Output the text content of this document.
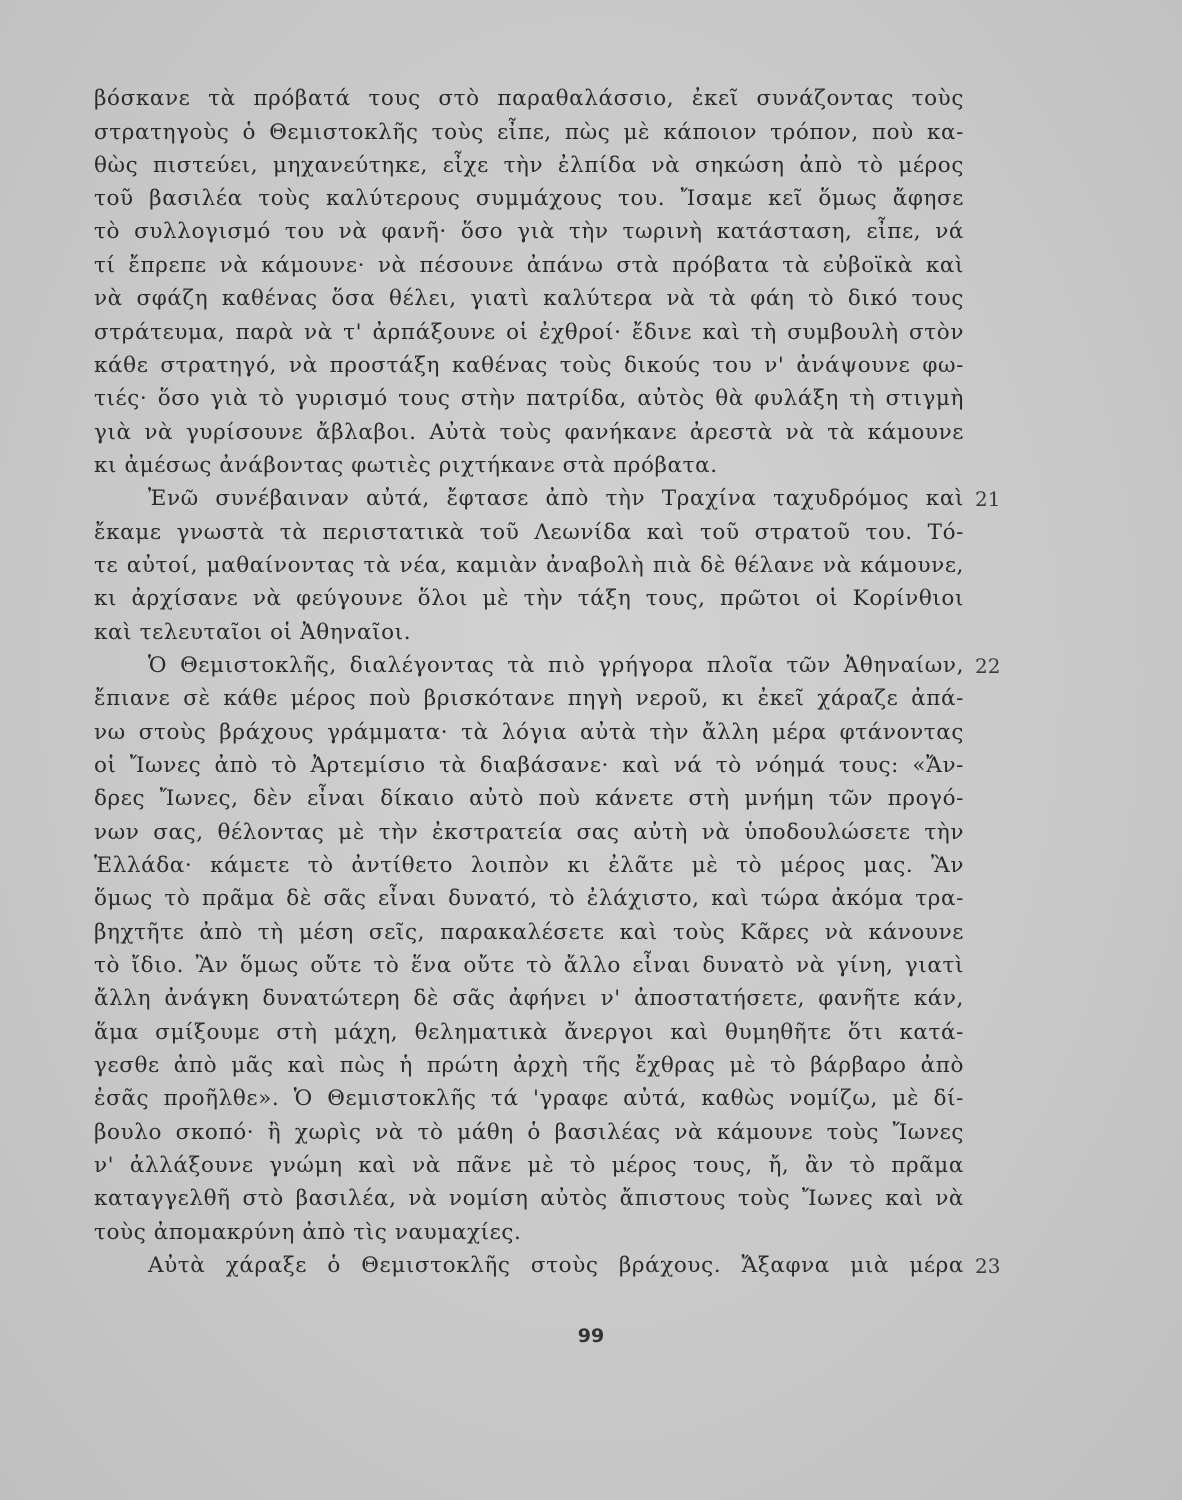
βόσκανε τὰ πρόβατά τους στὸ παραθαλάσσιο, ἐκεῖ συνάζοντας τοὺς
στρατηγοὺς ὁ Θεμιστοκλῆς τοὺς εἶπε, πὼς μὲ κάποιον τρόπον, ποὺ κα-
θὼς πιστεύει, μηχανεύτηκε, εἶχε τὴν ἐλπίδα νὰ σηκώση ἀπὸ τὸ μέρος
τοῦ βασιλέα τοὺς καλύτερους συμμάχους του. Ἴσαμε κεῖ ὅμως ἄφησε
τὸ συλλογισμό του νὰ φανῆ· ὅσο γιὰ τὴν τωρινὴ κατάσταση, εἶπε, νά
τί ἔπρεπε νὰ κάμουνε· νὰ πέσουνε ἀπάνω στὰ πρόβατα τὰ εὐβοϊκὰ καὶ
νὰ σφάζη καθένας ὅσα θέλει, γιατὶ καλύτερα νὰ τὰ φάη τὸ δικό τους
στράτευμα, παρὰ νὰ τ' ἀρπάξουνε οἱ ἐχθροί· ἔδινε καὶ τὴ συμβουλὴ στὸν
κάθε στρατηγό, νὰ προστάξη καθένας τοὺς δικούς του ν' ἀνάψουνε φω-
τιές· ὅσο γιὰ τὸ γυρισμό τους στὴν πατρίδα, αὐτὸς θὰ φυλάξη τὴ στιγμὴ
γιὰ νὰ γυρίσουνε ἄβλαβοι. Αὐτὰ τοὺς φανήκανε ἀρεστὰ νὰ τὰ κάμουνε
κι ἀμέσως ἀνάβοντας φωτιὲς ριχτήκανε στὰ πρόβατα.
Ἐνῶ συνέβαιναν αὐτά, ἔφτασε ἀπὸ τὴν Τραχίνα ταχυδρόμος καὶ 21
ἔκαμε γνωστὰ τὰ περιστατικὰ τοῦ Λεωνίδα καὶ τοῦ στρατοῦ του. Τό-
τε αὐτοί, μαθαίνοντας τὰ νέα, καμιὰν ἀναβολὴ πιὰ δὲ θέλανε νὰ κάμουνε,
κι ἀρχίσανε νὰ φεύγουνε ὅλοι μὲ τὴν τάξη τους, πρῶτοι οἱ Κορίνθιοι
καὶ τελευταῖοι οἱ Ἀθηναῖοι.
Ὁ Θεμιστοκλῆς, διαλέγοντας τὰ πιὸ γρήγορα πλοῖα τῶν Ἀθηναίων, 22
ἔπιανε σὲ κάθε μέρος ποὺ βρισκότανε πηγὴ νεροῦ, κι ἐκεῖ χάραζε ἀπά-
νω στοὺς βράχους γράμματα· τὰ λόγια αὐτὰ τὴν ἄλλη μέρα φτάνοντας
οἱ Ἴωνες ἀπὸ τὸ Ἀρτεμίσιο τὰ διαβάσανε· καὶ νά τὸ νόημά τους: «Ἄν-
δρες Ἴωνες, δὲν εἶναι δίκαιο αὐτὸ ποὺ κάνετε στὴ μνήμη τῶν προγό-
νων σας, θέλοντας μὲ τὴν ἐκστρατεία σας αὐτὴ νὰ ὑποδουλώσετε τὴν
Ἑλλάδα· κάμετε τὸ ἀντίθετο λοιπὸν κι ἐλᾶτε μὲ τὸ μέρος μας. Ἂν
ὅμως τὸ πρᾶμα δὲ σᾶς εἶναι δυνατό, τὸ ἐλάχιστο, καὶ τώρα ἀκόμα τρα-
βηχτῆτε ἀπὸ τὴ μέση σεῖς, παρακαλέσετε καὶ τοὺς Κᾶρες νὰ κάνουνε
τὸ ἴδιο. Ἂν ὅμως οὔτε τὸ ἕνα οὔτε τὸ ἄλλο εἶναι δυνατὸ νὰ γίνη, γιατὶ
ἄλλη ἀνάγκη δυνατώτερη δὲ σᾶς ἀφήνει ν' ἀποστατήσετε, φανῆτε κάν,
ἅμα σμίξουμε στὴ μάχη, θεληματικὰ ἄνεργοι καὶ θυμηθῆτε ὅτι κατά-
γεσθε ἀπὸ μᾶς καὶ πὼς ἡ πρώτη ἀρχὴ τῆς ἔχθρας μὲ τὸ βάρβαρο ἀπὸ
ἐσᾶς προῆλθε». Ὁ Θεμιστοκλῆς τά 'γραφε αὐτά, καθὼς νομίζω, μὲ δί-
βουλο σκοπό· ἢ χωρὶς νὰ τὸ μάθη ὁ βασιλέας νὰ κάμουνε τοὺς Ἴωνες
ν' ἀλλάξουνε γνώμη καὶ νὰ πᾶνε μὲ τὸ μέρος τους, ἤ, ἂν τὸ πρᾶμα
καταγγελθῆ στὸ βασιλέα, νὰ νομίση αὐτὸς ἄπιστους τοὺς Ἴωνες καὶ νὰ
τοὺς ἀπομακρύνη ἀπὸ τὶς ναυμαχίες.
Αὐτὰ χάραξε ὁ Θεμιστοκλῆς στοὺς βράχους. Ἄξαφνα μιὰ μέρα 23
99
